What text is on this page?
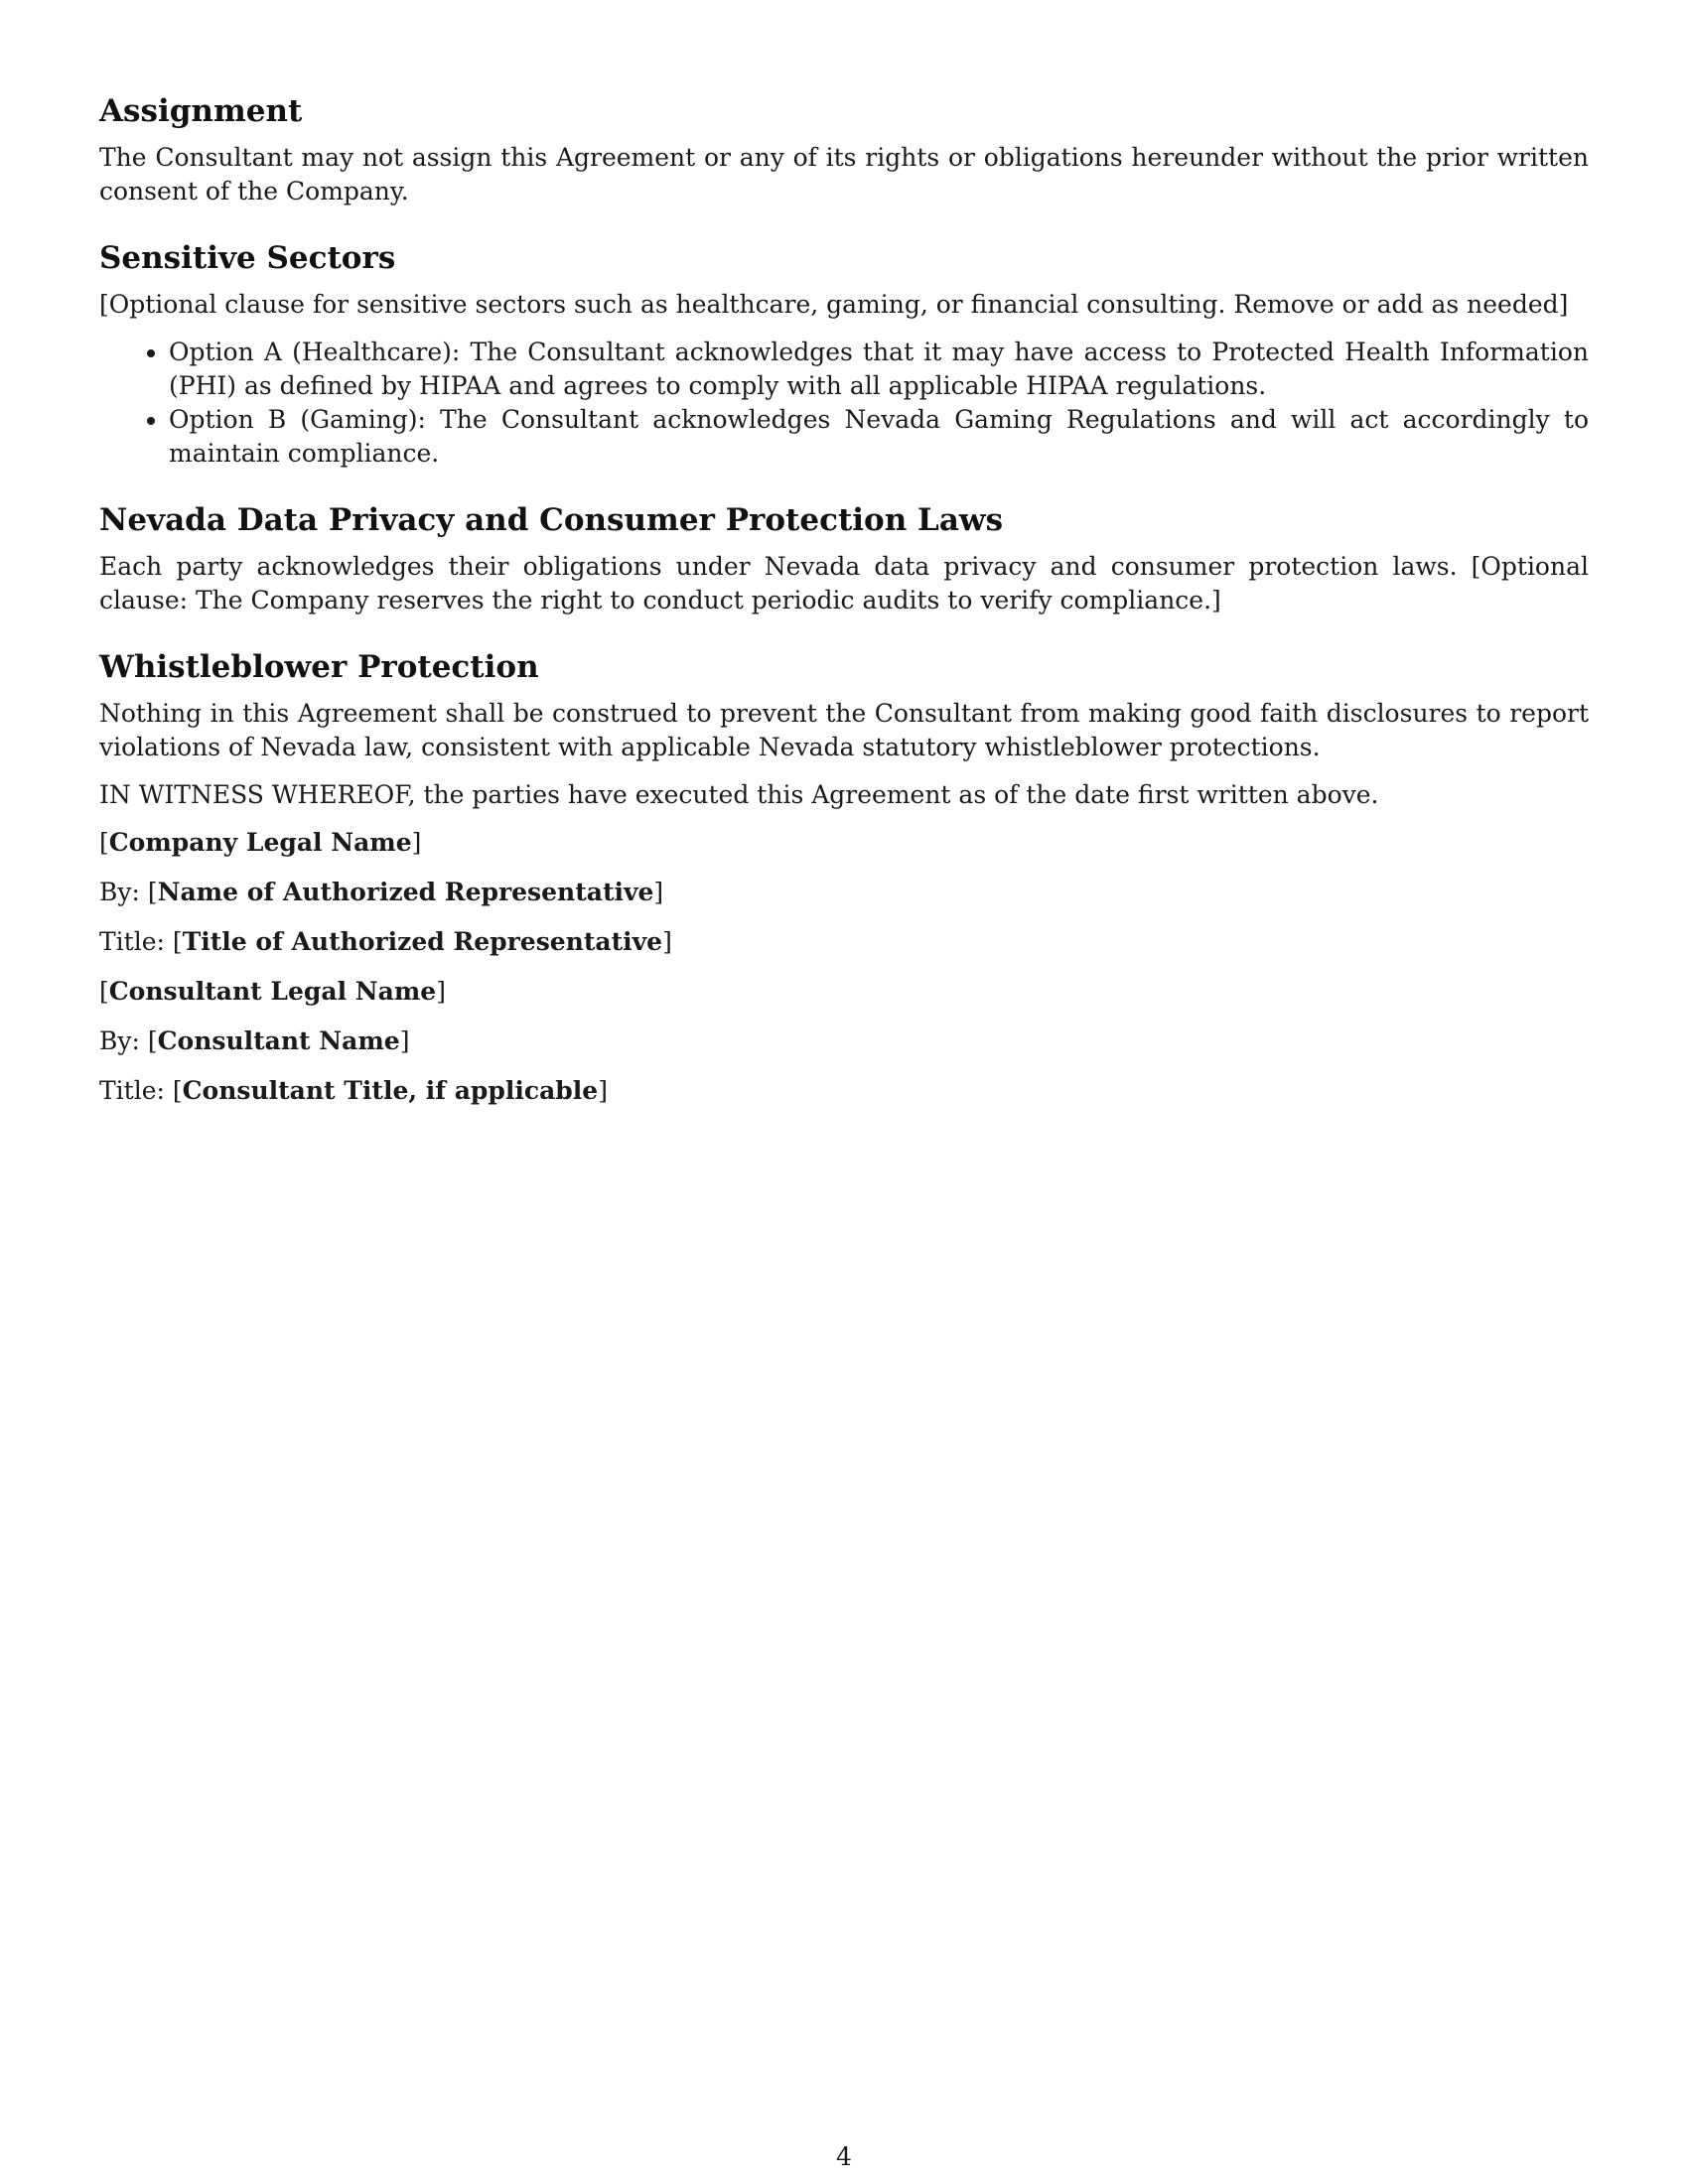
Assignment

The Consultant may not assign this Agreement or any of its rights or obligations hereunder without the prior written consent of the Company.

Sensitive Sectors

[Optional clause for sensitive sectors such as healthcare, gaming, or financial consulting. Remove or add as needed]

• Option A (Healthcare): The Consultant acknowledges that it may have access to Protected Health Information (PHI) as defined by HIPAA and agrees to comply with all applicable HIPAA regulations.
• Option B (Gaming): The Consultant acknowledges Nevada Gaming Regulations and will act accordingly to maintain compliance.
Nevada Data Privacy and Consumer Protection Laws

Each party acknowledges their obligations under Nevada data privacy and consumer protection laws. [Optional clause: The Company reserves the right to conduct periodic audits to verify compliance.]

Whistleblower Protection

Nothing in this Agreement shall be construed to prevent the Consultant from making good faith disclosures to report violations of Nevada law, consistent with applicable Nevada statutory whistleblower protections.

IN WITNESS WHEREOF, the parties have executed this Agreement as of the date first written above.

[Company Legal Name]

By: [Name of Authorized Representative]

Title: [Title of Authorized Representative]

[Consultant Legal Name]

By: [Consultant Name]

Title: [Consultant Title, if applicable]

4
